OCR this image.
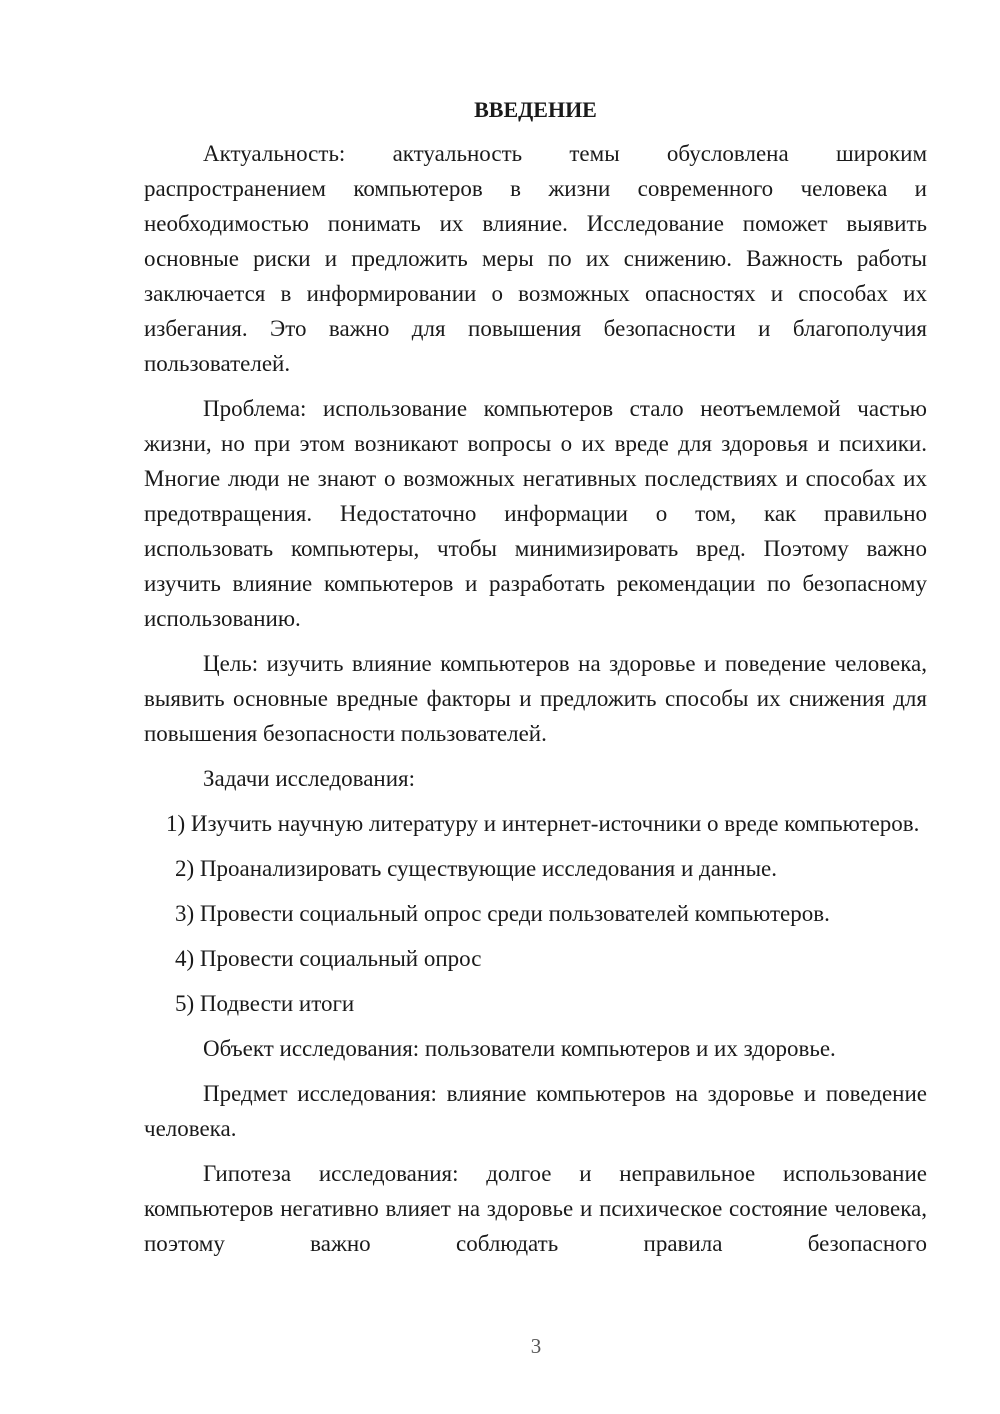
ВВЕДЕНИЕ

Актуальность: актуальность темы обусловлена широким распространением компьютеров в жизни современного человека и необходимостью понимать их влияние. Исследование поможет выявить основные риски и предложить меры по их снижению. Важность работы заключается в информировании о возможных опасностях и способах их избегания. Это важно для повышения безопасности и благополучия пользователей.

Проблема: использование компьютеров стало неотъемлемой частью жизни, но при этом возникают вопросы о их вреде для здоровья и психики. Многие люди не знают о возможных негативных последствиях и способах их предотвращения. Недостаточно информации о том, как правильно использовать компьютеры, чтобы минимизировать вред. Поэтому важно изучить влияние компьютеров и разработать рекомендации по безопасному использованию.

Цель: изучить влияние компьютеров на здоровье и поведение человека, выявить основные вредные факторы и предложить способы их снижения для повышения безопасности пользователей.

Задачи исследования:

1) Изучить научную литературу и интернет-источники о вреде компьютеров.

2) Проанализировать существующие исследования и данные.

3) Провести социальный опрос среди пользователей компьютеров.

4) Провести социальный опрос

5) Подвести итоги

Объект исследования: пользователи компьютеров и их здоровье.

Предмет исследования: влияние компьютеров на здоровье и поведение человека.

Гипотеза исследования: долгое и неправильное использование компьютеров негативно влияет на здоровье и психическое состояние человека, поэтому важно соблюдать правила безопасного

3
